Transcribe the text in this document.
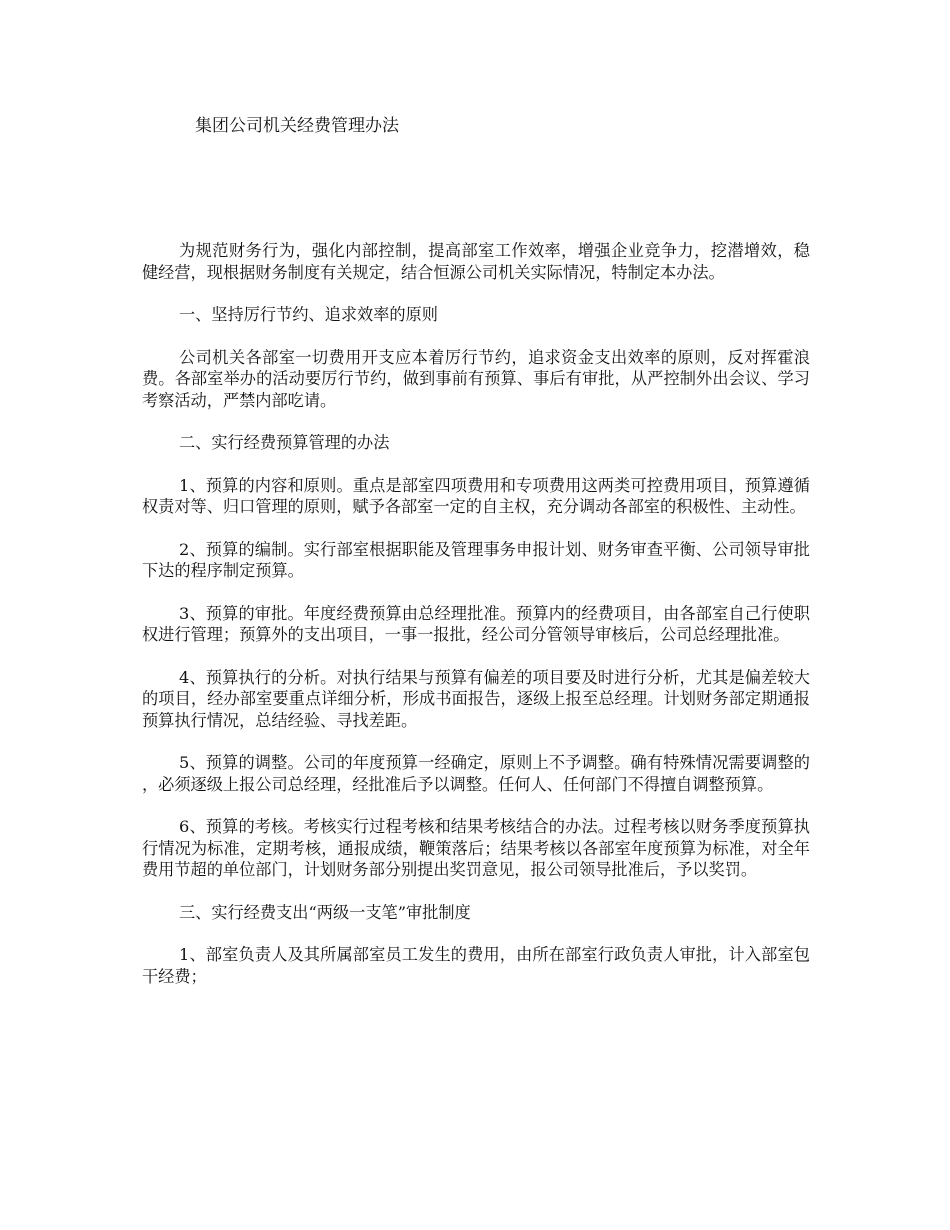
集团公司机关经费管理办法

为规范财务行为，强化内部控制，提高部室工作效率，增强企业竞争力，挖潜增效，稳健经营，现根据财务制度有关规定，结合恒源公司机关实际情况，特制定本办法。

一、坚持厉行节约、追求效率的原则

公司机关各部室一切费用开支应本着厉行节约，追求资金支出效率的原则，反对挥霍浪费。各部室举办的活动要厉行节约，做到事前有预算、事后有审批，从严控制外出会议、学习考察活动，严禁内部吃请。

二、实行经费预算管理的办法

1、预算的内容和原则。重点是部室四项费用和专项费用这两类可控费用项目，预算遵循权责对等、归口管理的原则，赋予各部室一定的自主权，充分调动各部室的积极性、主动性。

2、预算的编制。实行部室根据职能及管理事务申报计划、财务审查平衡、公司领导审批下达的程序制定预算。

3、预算的审批。年度经费预算由总经理批准。预算内的经费项目，由各部室自己行使职权进行管理；预算外的支出项目，一事一报批，经公司分管领导审核后，公司总经理批准。

4、预算执行的分析。对执行结果与预算有偏差的项目要及时进行分析，尤其是偏差较大的项目，经办部室要重点详细分析，形成书面报告，逐级上报至总经理。计划财务部定期通报预算执行情况，总结经验、寻找差距。

5、预算的调整。公司的年度预算一经确定，原则上不予调整。确有特殊情况需要调整的，必须逐级上报公司总经理，经批准后予以调整。任何人、任何部门不得擅自调整预算。

6、预算的考核。考核实行过程考核和结果考核结合的办法。过程考核以财务季度预算执行情况为标准，定期考核，通报成绩，鞭策落后；结果考核以各部室年度预算为标准，对全年费用节超的单位部门，计划财务部分别提出奖罚意见，报公司领导批准后，予以奖罚。

三、实行经费支出“两级一支笔”审批制度

1、部室负责人及其所属部室员工发生的费用，由所在部室行政负责人审批，计入部室包干经费；
